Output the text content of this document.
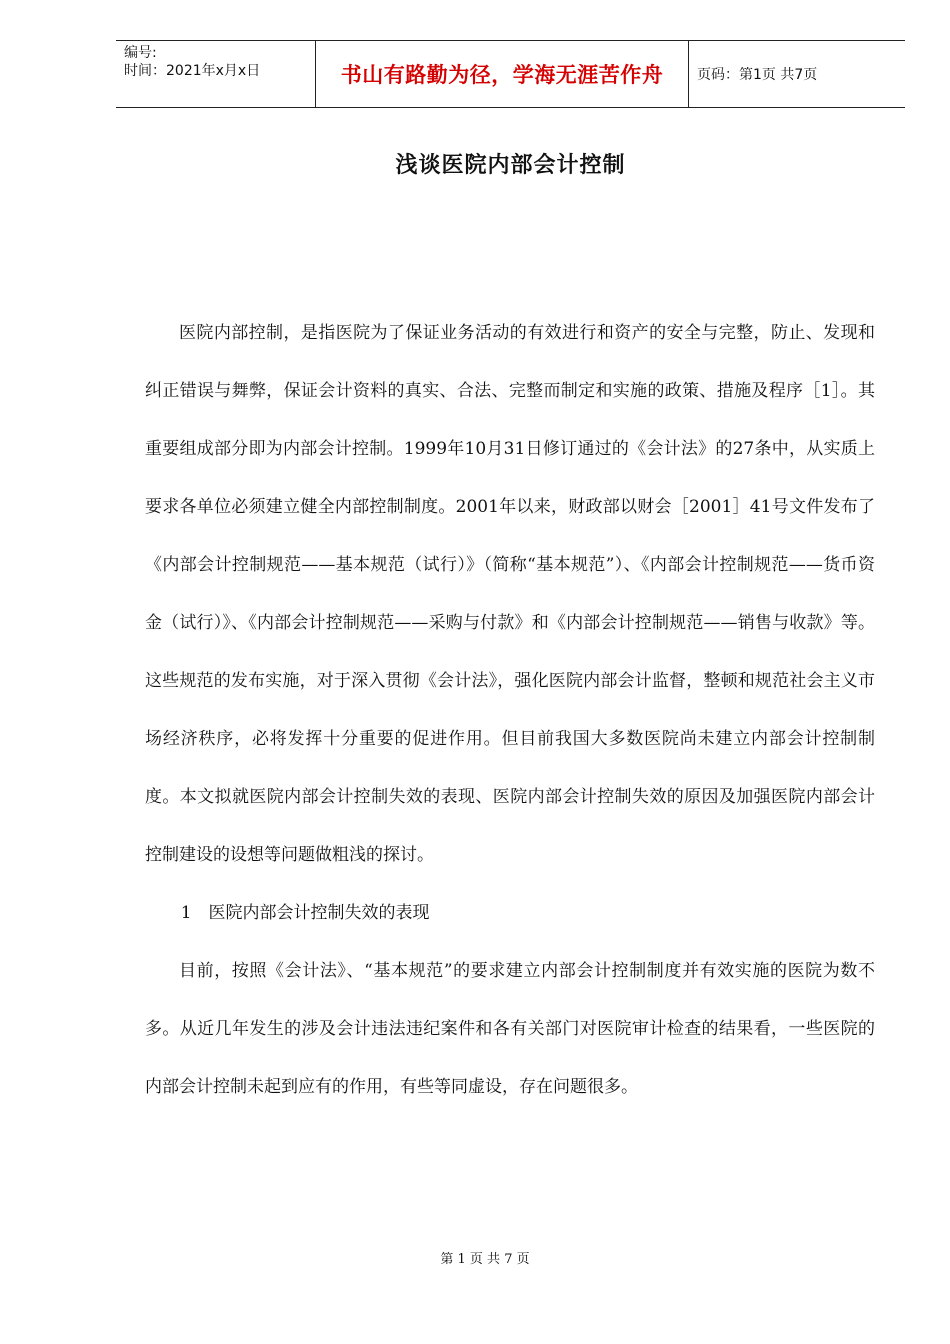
编号:
时间：2021年x月x日	书山有路勤为径，学海无涯苦作舟	页码：第1页 共7页
浅谈医院内部会计控制

医院内部控制，是指医院为了保证业务活动的有效进行和资产的安全与完整，防止、发现和纠正错误与舞弊，保证会计资料的真实、合法、完整而制定和实施的政策、措施及程序［1］。其重要组成部分即为内部会计控制。1999年10月31日修订通过的《会计法》的27条中，从实质上要求各单位必须建立健全内部控制制度。2001年以来，财政部以财会［2001］41号文件发布了《内部会计控制规范——基本规范（试行）》（简称“基本规范”）、《内部会计控制规范——货币资金（试行）》、《内部会计控制规范——采购与付款》和《内部会计控制规范——销售与收款》等。这些规范的发布实施，对于深入贯彻《会计法》，强化医院内部会计监督，整顿和规范社会主义市场经济秩序，必将发挥十分重要的促进作用。但目前我国大多数医院尚未建立内部会计控制制度。本文拟就医院内部会计控制失效的表现、医院内部会计控制失效的原因及加强医院内部会计控制建设的设想等问题做粗浅的探讨。

1　医院内部会计控制失效的表现

目前，按照《会计法》、“基本规范”的要求建立内部会计控制制度并有效实施的医院为数不多。从近几年发生的涉及会计违法违纪案件和各有关部门对医院审计检查的结果看，一些医院的内部会计控制未起到应有的作用，有些等同虚设，存在问题很多。

第 1 页 共 7 页
